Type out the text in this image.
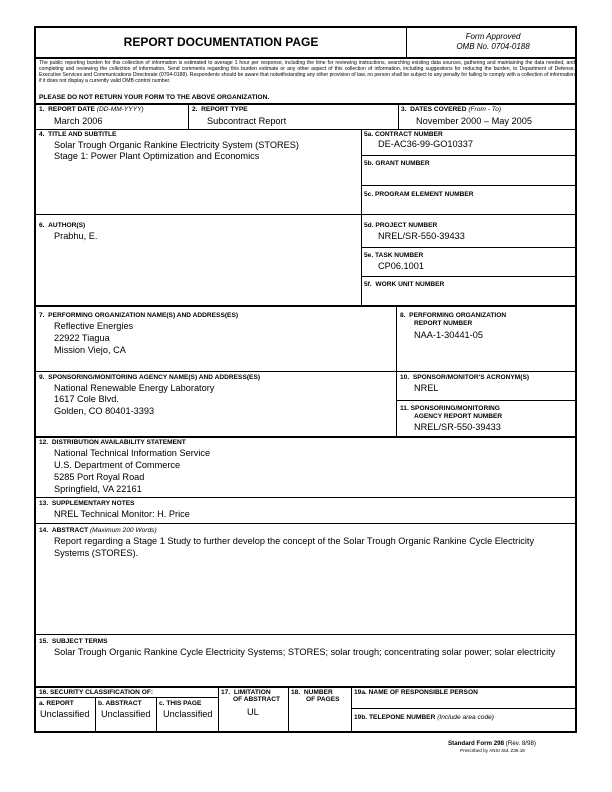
REPORT DOCUMENTATION PAGE	Form Approved
OMB No. 0704-0188
The public reporting burden for this collection of information is estimated to average 1 hour per response, including the time for reviewing instructions, searching existing data sources, gathering and maintaining the data needed, and completing and reviewing the collection of information. Send comments regarding this burden estimate or any other aspect of this collection of information, including suggestions for reducing the burden, to Department of Defense, Executive Services and Communications Directorate (0704-0188). Respondents should be aware that notwithstanding any other provision of law, no person shall be subject to any penalty for failing to comply with a collection of information if it does not display a currently valid OMB control number.
PLEASE DO NOT RETURN YOUR FORM TO THE ABOVE ORGANIZATION.
1. REPORT DATE (DD-MM-YYYY)
March 2006
2. REPORT TYPE
Subcontract Report
3. DATES COVERED (From - To)
November 2000 – May 2005
4. TITLE AND SUBTITLE
Solar Trough Organic Rankine Electricity System (STORES)
Stage 1: Power Plant Optimization and Economics
5a. CONTRACT NUMBER
DE-AC36-99-GO10337
5b. GRANT NUMBER
5c. PROGRAM ELEMENT NUMBER
6. AUTHOR(S)
Prabhu, E.
5d. PROJECT NUMBER
NREL/SR-550-39433
5e. TASK NUMBER
CP06.1001
5f. WORK UNIT NUMBER
7. PERFORMING ORGANIZATION NAME(S) AND ADDRESS(ES)
Reflective Energies
22922 Tiagua
Mission Viejo, CA
8. PERFORMING ORGANIZATION
REPORT NUMBER
NAA-1-30441-05
9. SPONSORING/MONITORING AGENCY NAME(S) AND ADDRESS(ES)
National Renewable Energy Laboratory
1617 Cole Blvd.
Golden, CO 80401-3393
10. SPONSOR/MONITOR'S ACRONYM(S)
NREL
11. SPONSORING/MONITORING
AGENCY REPORT NUMBER
NREL/SR-550-39433
12. DISTRIBUTION AVAILABILITY STATEMENT
National Technical Information Service
U.S. Department of Commerce
5285 Port Royal Road
Springfield, VA 22161
13. SUPPLEMENTARY NOTES
NREL Technical Monitor: H. Price
14. ABSTRACT (Maximum 200 Words)
Report regarding a Stage 1 Study to further develop the concept of the Solar Trough Organic Rankine Cycle Electricity Systems (STORES).
15. SUBJECT TERMS
Solar Trough Organic Rankine Cycle Electricity Systems; STORES; solar trough; concentrating solar power; solar electricity
16. SECURITY CLASSIFICATION OF:
a. REPORT
Unclassified
b. ABSTRACT
Unclassified
c. THIS PAGE
Unclassified
17. LIMITATION
OF ABSTRACT
UL
18. NUMBER
OF PAGES
19a. NAME OF RESPONSIBLE PERSON
19b. TELEPONE NUMBER (Include area code)
Standard Form 298 (Rev. 8/98)
Prescribed by ANSI Std. Z39.18
